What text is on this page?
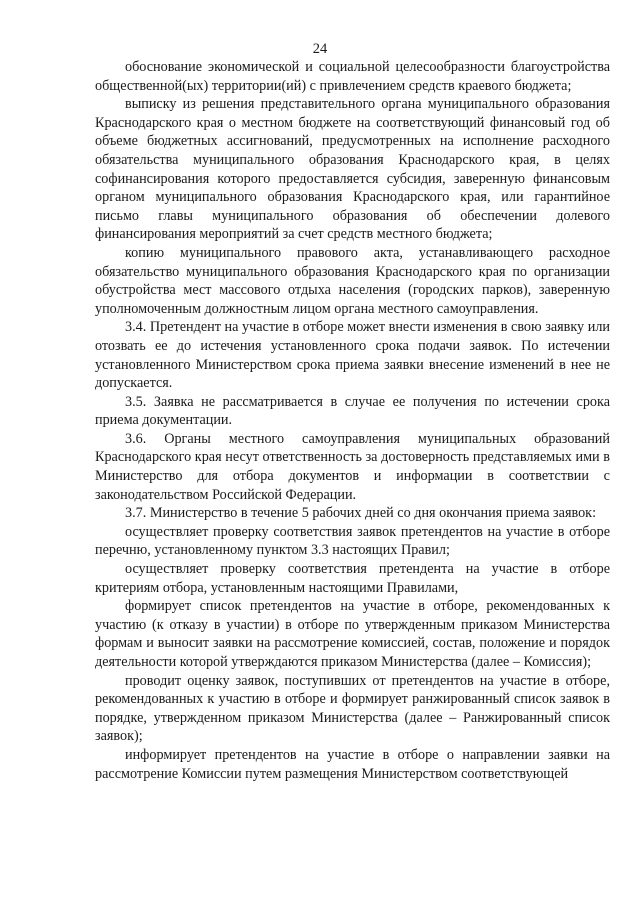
24

обоснование экономической и социальной целесообразности благоустройства общественной(ых) территории(ий) с привлечением средств краевого бюджета;

выписку из решения представительного органа муниципального образования Краснодарского края о местном бюджете на соответствующий финансовый год об объеме бюджетных ассигнований, предусмотренных на исполнение расходного обязательства муниципального образования Краснодарского края, в целях софинансирования которого предоставляется субсидия, заверенную финансовым органом муниципального образования Краснодарского края, или гарантийное письмо главы муниципального образования об обеспечении долевого финансирования мероприятий за счет средств местного бюджета;

копию муниципального правового акта, устанавливающего расходное обязательство муниципального образования Краснодарского края по организации обустройства мест массового отдыха населения (городских парков), заверенную уполномоченным должностным лицом органа местного самоуправления.

3.4. Претендент на участие в отборе может внести изменения в свою заявку или отозвать ее до истечения установленного срока подачи заявок. По истечении установленного Министерством срока приема заявки внесение изменений в нее не допускается.

3.5. Заявка не рассматривается в случае ее получения по истечении срока приема документации.

3.6. Органы местного самоуправления муниципальных образований Краснодарского края несут ответственность за достоверность представляемых ими в Министерство для отбора документов и информации в соответствии с законодательством Российской Федерации.

3.7. Министерство в течение 5 рабочих дней со дня окончания приема заявок:

осуществляет проверку соответствия заявок претендентов на участие в отборе перечню, установленному пунктом 3.3 настоящих Правил;

осуществляет проверку соответствия претендента на участие в отборе критериям отбора, установленным настоящими Правилами,

формирует список претендентов на участие в отборе, рекомендованных к участию (к отказу в участии) в отборе по утвержденным приказом Министерства формам и выносит заявки на рассмотрение комиссией, состав, положение и порядок деятельности которой утверждаются приказом Министерства (далее – Комиссия);

проводит оценку заявок, поступивших от претендентов на участие в отборе, рекомендованных к участию в отборе и формирует ранжированный список заявок в порядке, утвержденном приказом Министерства (далее – Ранжированный список заявок);

информирует претендентов на участие в отборе о направлении заявки на рассмотрение Комиссии путем размещения Министерством соответствующей
